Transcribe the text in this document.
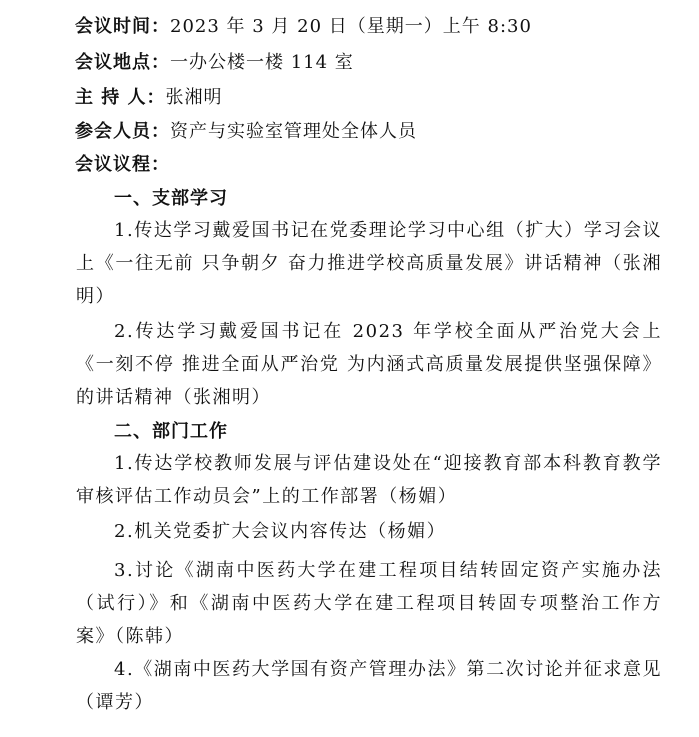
会议时间：2023 年 3 月 20 日（星期一）上午 8:30
会议地点：一办公楼一楼 114 室
主 持 人：张湘明
参会人员：资产与实验室管理处全体人员
会议议程：
一、支部学习
1.传达学习戴爱国书记在党委理论学习中心组（扩大）学习会议上《一往无前 只争朝夕 奋力推进学校高质量发展》讲话精神（张湘明）
2.传达学习戴爱国书记在 2023 年学校全面从严治党大会上《一刻不停 推进全面从严治党 为内涵式高质量发展提供坚强保障》的讲话精神（张湘明）
二、部门工作
1.传达学校教师发展与评估建设处在“迎接教育部本科教育教学审核评估工作动员会”上的工作部署（杨媚）
2.机关党委扩大会议内容传达（杨媚）
3.讨论《湖南中医药大学在建工程项目结转固定资产实施办法（试行）》和《湖南中医药大学在建工程项目转固专项整治工作方案》（陈韩）
4.《湖南中医药大学国有资产管理办法》第二次讨论并征求意见（谭芳）
